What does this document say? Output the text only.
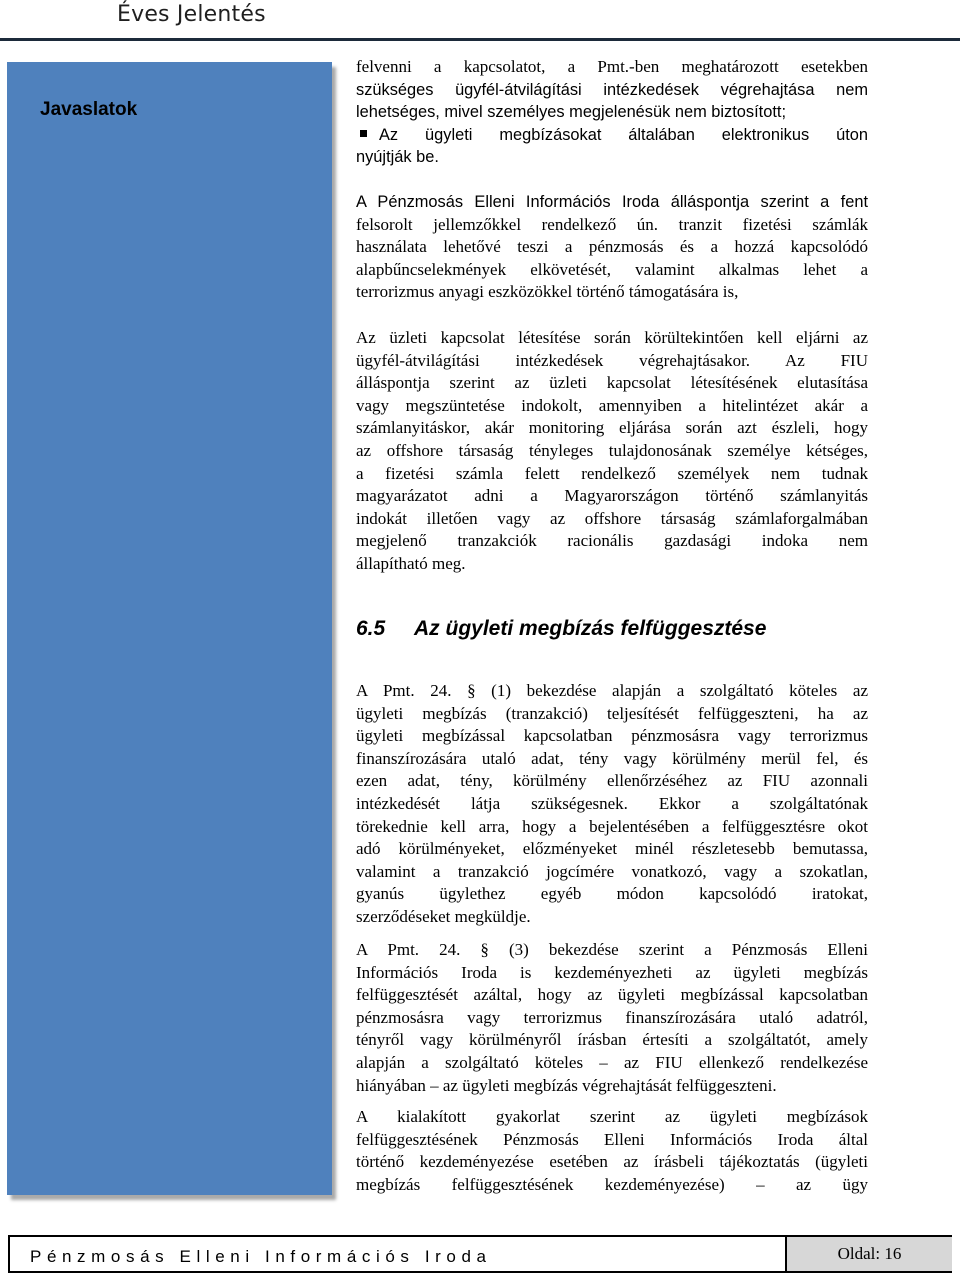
Éves Jelentés
Javaslatok
felvenni a kapcsolatot, a Pmt.-ben meghatározott esetekben
szükséges ügyfél-átvilágítási intézkedések végrehajtása nem
lehetséges, mivel személyes megjelenésük nem biztosított;
Az ügyleti megbízásokat általában elektronikus úton
nyújtják be.
A Pénzmosás Elleni Információs Iroda álláspontja szerint a fent
felsorolt jellemzőkkel rendelkező ún. tranzit fizetési számlák
használata lehetővé teszi a pénzmosás és a hozzá kapcsolódó
alapbűncselekmények elkövetését, valamint alkalmas lehet a
terrorizmus anyagi eszközökkel történő támogatására is,
Az üzleti kapcsolat létesítése során körültekintően kell eljárni az
ügyfél-átvilágítási intézkedések végrehajtásakor. Az FIU
álláspontja szerint az üzleti kapcsolat létesítésének elutasítása
vagy megszüntetése indokolt, amennyiben a hitelintézet akár a
számlanyitáskor, akár monitoring eljárása során azt észleli, hogy
az offshore társaság tényleges tulajdonosának személye kétséges,
a fizetési számla felett rendelkező személyek nem tudnak
magyarázatot adni a Magyarországon történő számlanyitás
indokát illetően vagy az offshore társaság számlaforgalmában
megjelenő tranzakciók racionális gazdasági indoka nem
állapítható meg.
6.5 Az ügyleti megbízás felfüggesztése
A Pmt. 24. § (1) bekezdése alapján a szolgáltató köteles az
ügyleti megbízás (tranzakció) teljesítését felfüggeszteni, ha az
ügyleti megbízással kapcsolatban pénzmosásra vagy terrorizmus
finanszírozására utaló adat, tény vagy körülmény merül fel, és
ezen adat, tény, körülmény ellenőrzéséhez az FIU azonnali
intézkedését látja szükségesnek. Ekkor a szolgáltatónak
törekednie kell arra, hogy a bejelentésében a felfüggesztésre okot
adó körülményeket, előzményeket minél részletesebb bemutassa,
valamint a tranzakció jogcímére vonatkozó, vagy a szokatlan,
gyanús ügylethez egyéb módon kapcsolódó iratokat,
szerződéseket megküldje.
A Pmt. 24. § (3) bekezdése szerint a Pénzmosás Elleni
Információs Iroda is kezdeményezheti az ügyleti megbízás
felfüggesztését azáltal, hogy az ügyleti megbízással kapcsolatban
pénzmosásra vagy terrorizmus finanszírozására utaló adatról,
tényről vagy körülményről írásban értesíti a szolgáltatót, amely
alapján a szolgáltató köteles – az FIU ellenkező rendelkezése
hiányában – az ügyleti megbízás végrehajtását felfüggeszteni.
A kialakított gyakorlat szerint az ügyleti megbízások
felfüggesztésének Pénzmosás Elleni Információs Iroda által
történő kezdeményezése esetében az írásbeli tájékoztatás (ügyleti
megbízás felfüggesztésének kezdeményezése) – az ügy
Pénzmosás Elleni Információs Iroda	Oldal: 16
